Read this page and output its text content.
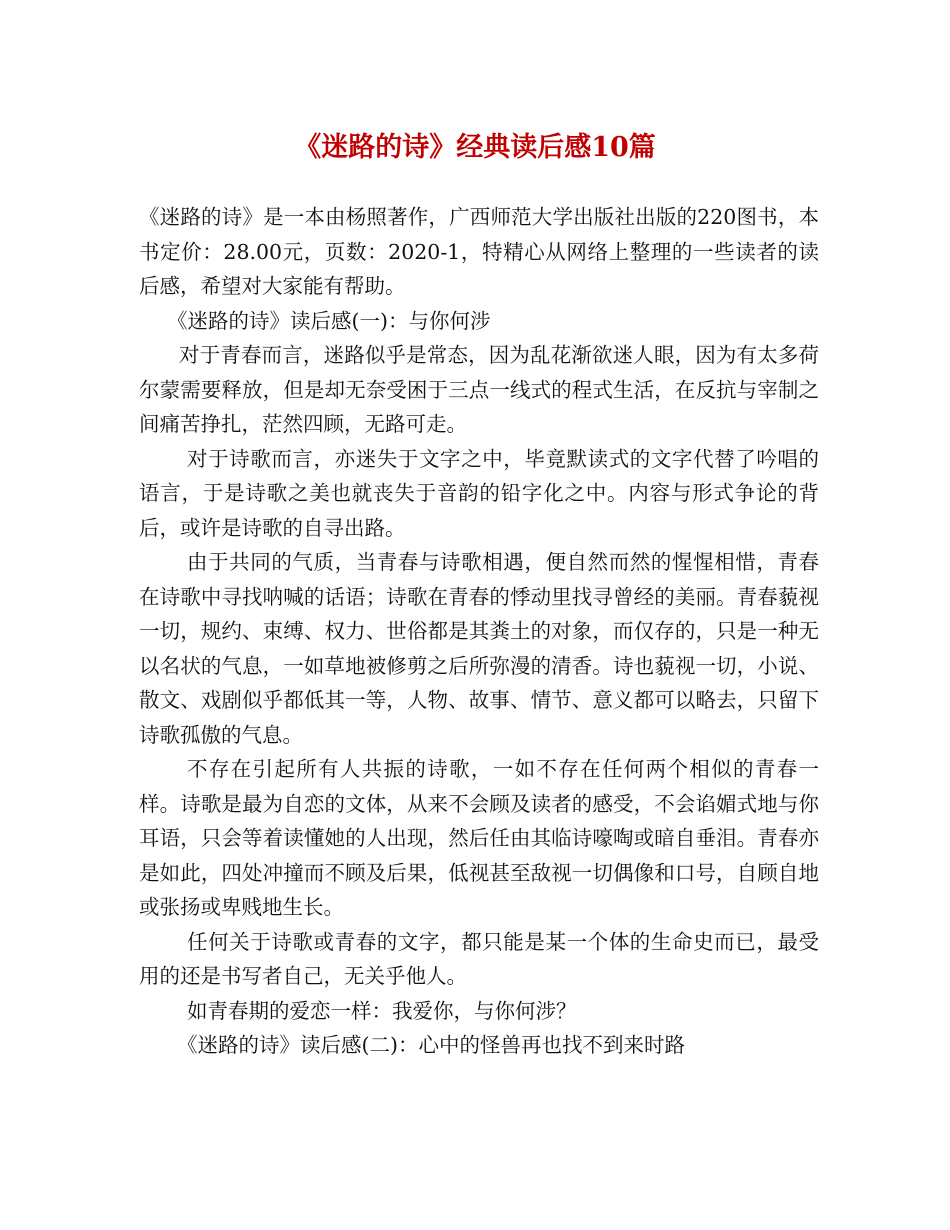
《迷路的诗》经典读后感10篇

《迷路的诗》是一本由杨照著作，广西师范大学出版社出版的220图书，本书定价：28.00元，页数：2020-1，特精心从网络上整理的一些读者的读后感，希望对大家能有帮助。

《迷路的诗》读后感(一)：与你何涉

对于青春而言，迷路似乎是常态，因为乱花渐欲迷人眼，因为有太多荷尔蒙需要释放，但是却无奈受困于三点一线式的程式生活，在反抗与宰制之间痛苦挣扎，茫然四顾，无路可走。

对于诗歌而言，亦迷失于文字之中，毕竟默读式的文字代替了吟唱的语言，于是诗歌之美也就丧失于音韵的铅字化之中。内容与形式争论的背后，或许是诗歌的自寻出路。

由于共同的气质，当青春与诗歌相遇，便自然而然的惺惺相惜，青春在诗歌中寻找呐喊的话语；诗歌在青春的悸动里找寻曾经的美丽。青春藐视一切，规约、束缚、权力、世俗都是其粪土的对象，而仅存的，只是一种无以名状的气息，一如草地被修剪之后所弥漫的清香。诗也藐视一切，小说、散文、戏剧似乎都低其一等，人物、故事、情节、意义都可以略去，只留下诗歌孤傲的气息。

不存在引起所有人共振的诗歌，一如不存在任何两个相似的青春一样。诗歌是最为自恋的文体，从来不会顾及读者的感受，不会谄媚式地与你耳语，只会等着读懂她的人出现，然后任由其临诗嚎啕或暗自垂泪。青春亦是如此，四处冲撞而不顾及后果，低视甚至敌视一切偶像和口号，自顾自地或张扬或卑贱地生长。

任何关于诗歌或青春的文字，都只能是某一个体的生命史而已，最受用的还是书写者自己，无关乎他人。

如青春期的爱恋一样：我爱你，与你何涉？

《迷路的诗》读后感(二)：心中的怪兽再也找不到来时路
